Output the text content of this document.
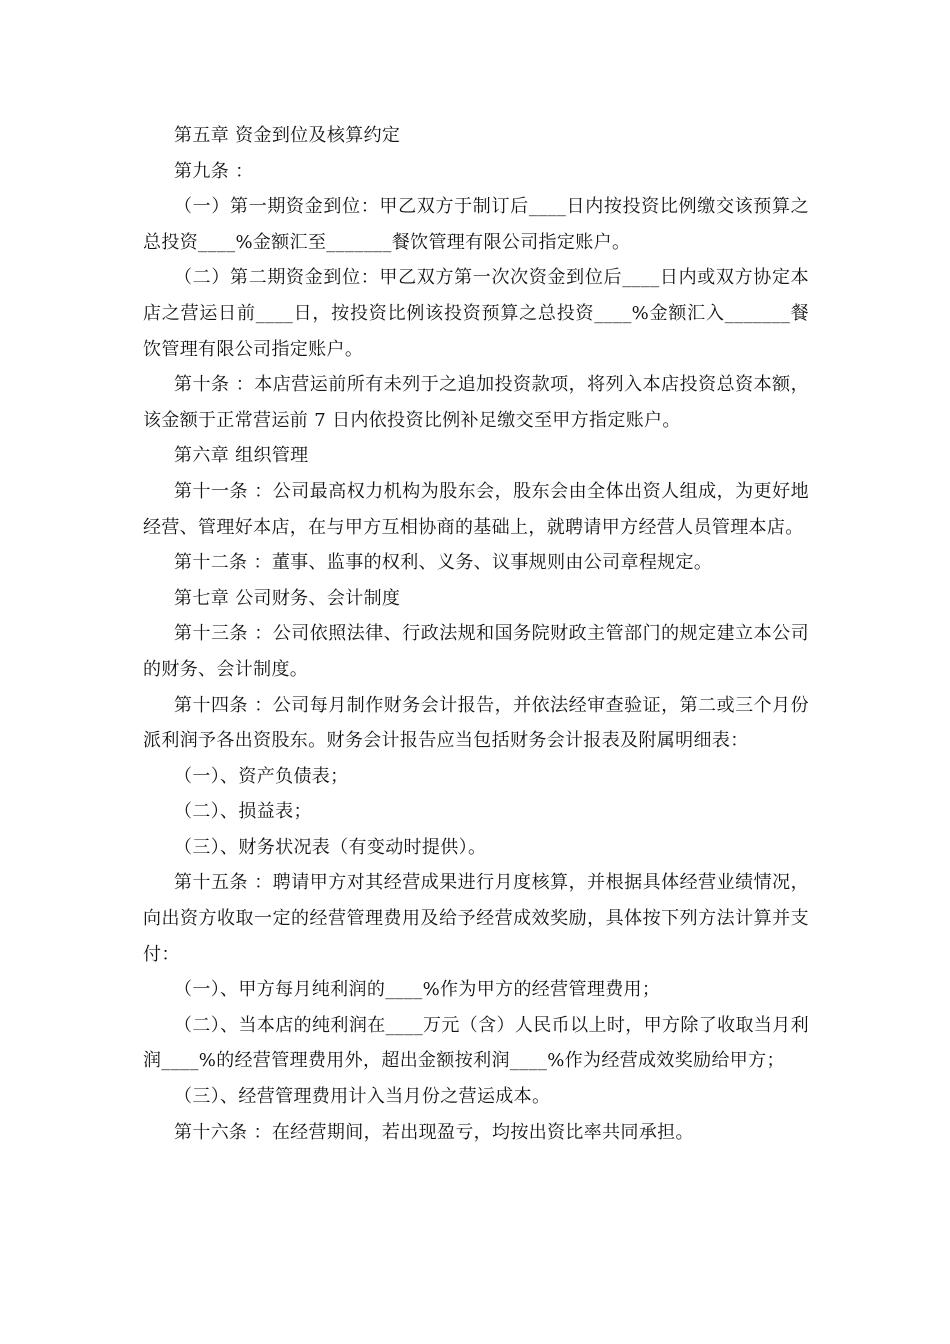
第五章 资金到位及核算约定

第九条 ：

（一）第一期资金到位：甲乙双方于制订后____日内按投资比例缴交该预算之总投资____%金额汇至_______餐饮管理有限公司指定账户。

（二）第二期资金到位：甲乙双方第一次次资金到位后____日内或双方协定本店之营运日前____日，按投资比例该投资预算之总投资____%金额汇入_______餐饮管理有限公司指定账户。

第十条 ：本店营运前所有未列于之追加投资款项，将列入本店投资总资本额，该金额于正常营运前 7 日内依投资比例补足缴交至甲方指定账户。

第六章 组织管理

第十一条 ：公司最高权力机构为股东会，股东会由全体出资人组成，为更好地经营、管理好本店，在与甲方互相协商的基础上，就聘请甲方经营人员管理本店。

第十二条 ：董事、监事的权利、义务、议事规则由公司章程规定。

第七章 公司财务、会计制度

第十三条 ：公司依照法律、行政法规和国务院财政主管部门的规定建立本公司的财务、会计制度。

第十四条 ：公司每月制作财务会计报告，并依法经审查验证，第二或三个月份派利润予各出资股东。财务会计报告应当包括财务会计报表及附属明细表：

（一）、资产负债表；

（二）、损益表；

（三）、财务状况表（有变动时提供）。

第十五条 ：聘请甲方对其经营成果进行月度核算，并根据具体经营业绩情况，向出资方收取一定的经营管理费用及给予经营成效奖励，具体按下列方法计算并支付：

（一）、甲方每月纯利润的____%作为甲方的经营管理费用；

（二）、当本店的纯利润在____万元（含）人民币以上时，甲方除了收取当月利润____%的经营管理费用外，超出金额按利润____%作为经营成效奖励给甲方；

（三）、经营管理费用计入当月份之营运成本。

第十六条 ：在经营期间，若出现盈亏，均按出资比率共同承担。
